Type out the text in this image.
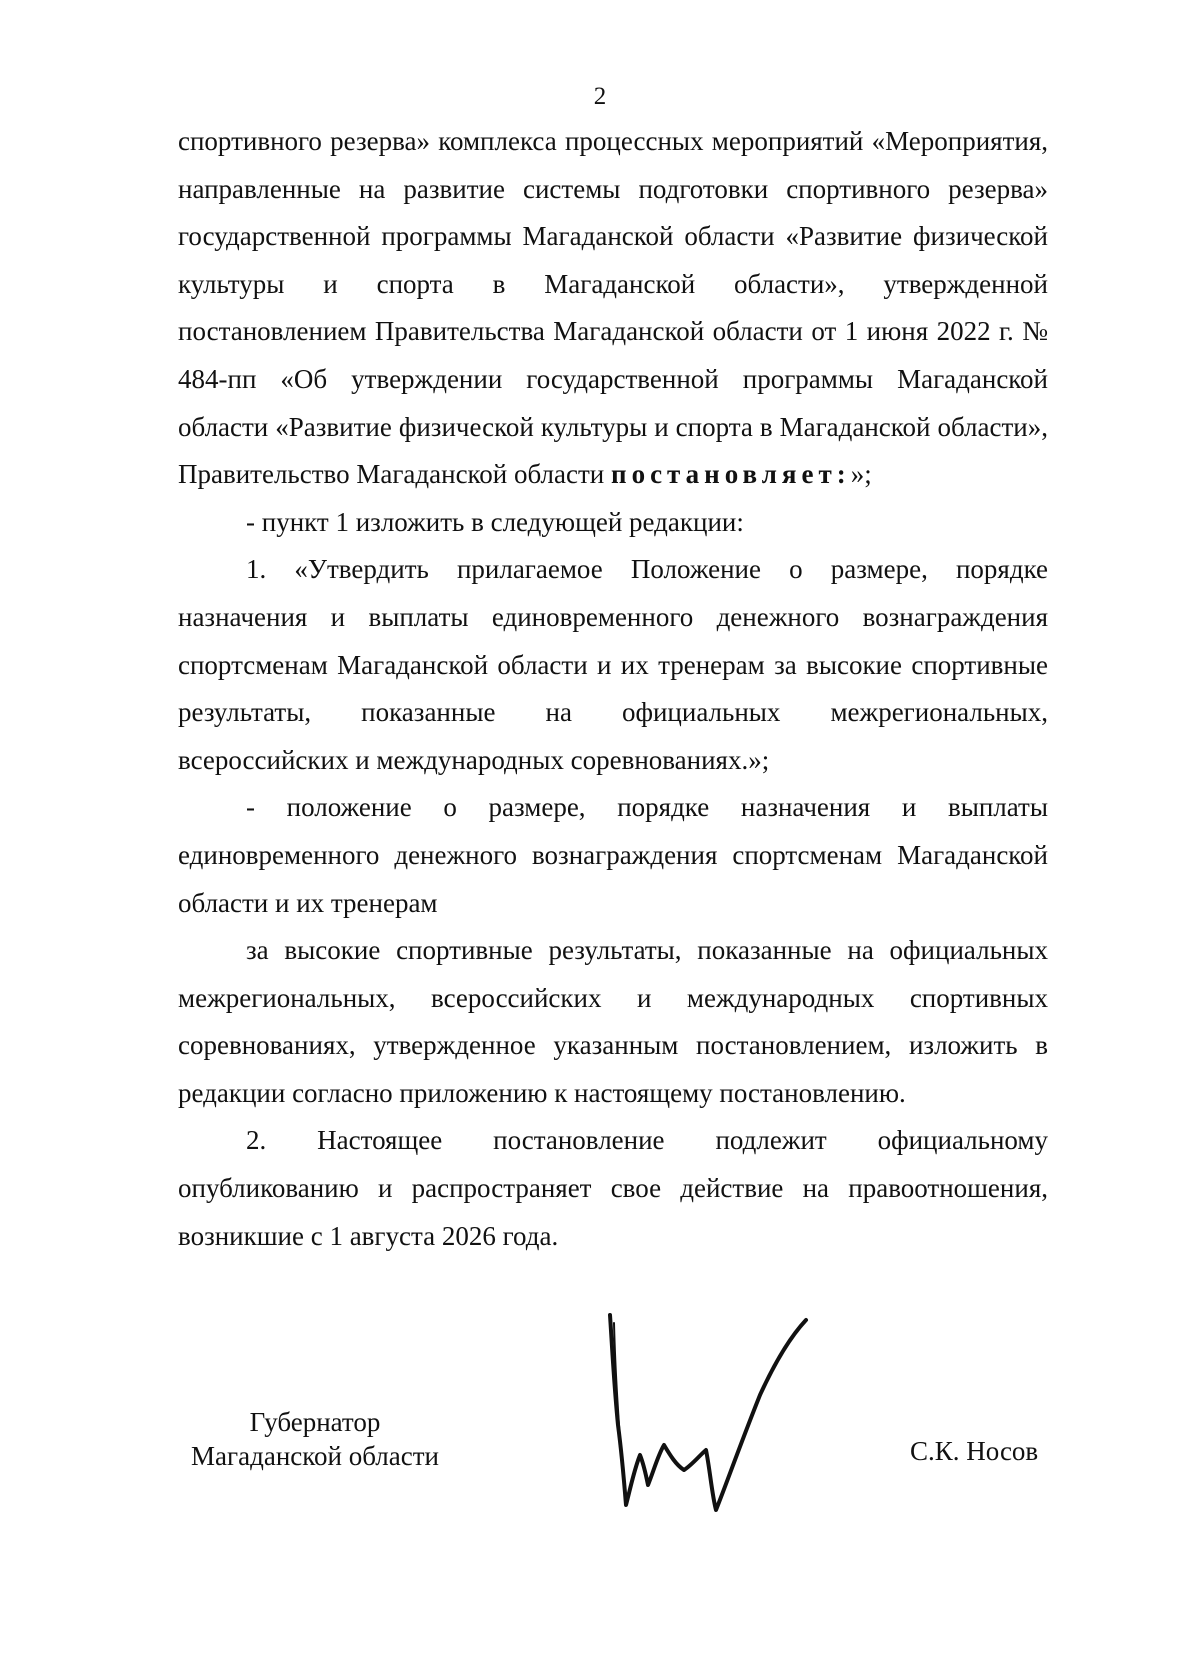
2

спортивного резерва» комплекса процессных мероприятий «Мероприятия, направленные на развитие системы подготовки спортивного резерва» государственной программы Магаданской области «Развитие физической культуры и спорта в Магаданской области», утвержденной постановлением Правительства Магаданской области от 1 июня 2022 г. № 484-пп «Об утверждении государственной программы Магаданской области «Развитие физической культуры и спорта в Магаданской области», Правительство Магаданской области постановляет:»;

- пункт 1 изложить в следующей редакции:

1. «Утвердить прилагаемое Положение о размере, порядке назначения и выплаты единовременного денежного вознаграждения спортсменам Магаданской области и их тренерам за высокие спортивные результаты, показанные на официальных межрегиональных, всероссийских и международных соревнованиях.»;

- положение о размере, порядке назначения и выплаты единовременного денежного вознаграждения спортсменам Магаданской области и их тренерам

за высокие спортивные результаты, показанные на официальных межрегиональных, всероссийских и международных спортивных соревнованиях, утвержденное указанным постановлением, изложить в редакции согласно приложению к настоящему постановлению.

2. Настоящее постановление подлежит официальному опубликованию и распространяет свое действие на правоотношения, возникшие с 1 августа 2026 года.

Губернатор
Магаданской области	С.К. Носов
